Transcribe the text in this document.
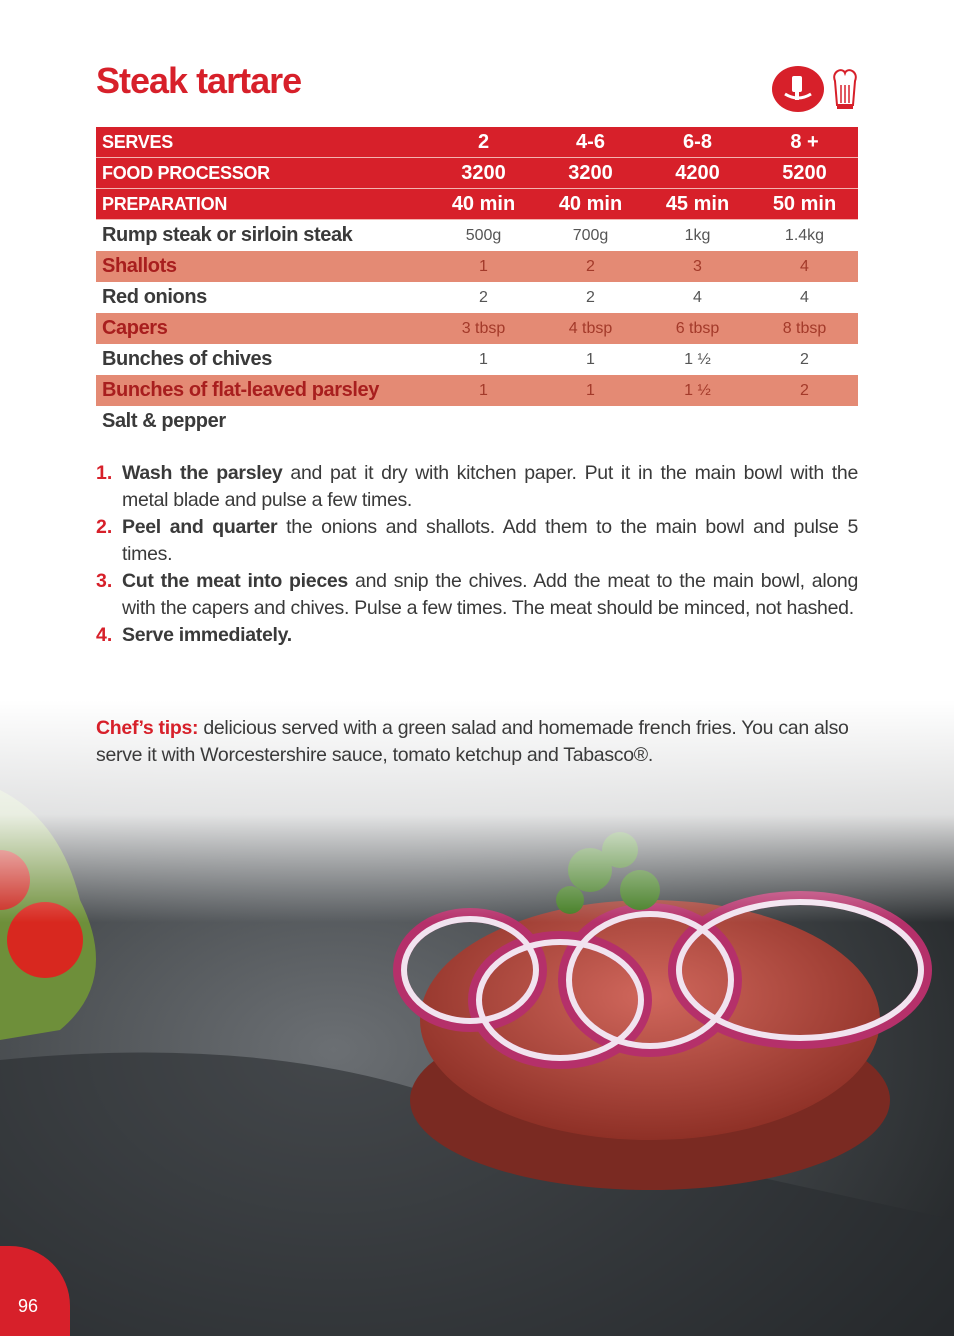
Steak tartare
SERVES	2	4-6	6-8	8 +
FOOD PROCESSOR	3200	3200	4200	5200
PREPARATION	40 min	40 min	45 min	50 min
Rump steak or sirloin steak	500g	700g	1kg	1.4kg
Shallots	1	2	3	4
Red onions	2	2	4	4
Capers	3 tbsp	4 tbsp	6 tbsp	8 tbsp
Bunches of chives	1	1	1 ½	2
Bunches of flat-leaved parsley	1	1	1 ½	2
Salt & pepper				
1. Wash the parsley and pat it dry with kitchen paper. Put it in the main bowl with the metal blade and pulse a few times.
2. Peel and quarter the onions and shallots. Add them to the main bowl and pulse 5 times.
3. Cut the meat into pieces and snip the chives. Add the meat to the main bowl, along with the capers and chives. Pulse a few times. The meat should be minced, not hashed.
4. Serve immediately.
Chef’s tips: delicious served with a green salad and homemade french fries. You can also serve it with Worcestershire sauce, tomato ketchup and Tabasco®.
96
